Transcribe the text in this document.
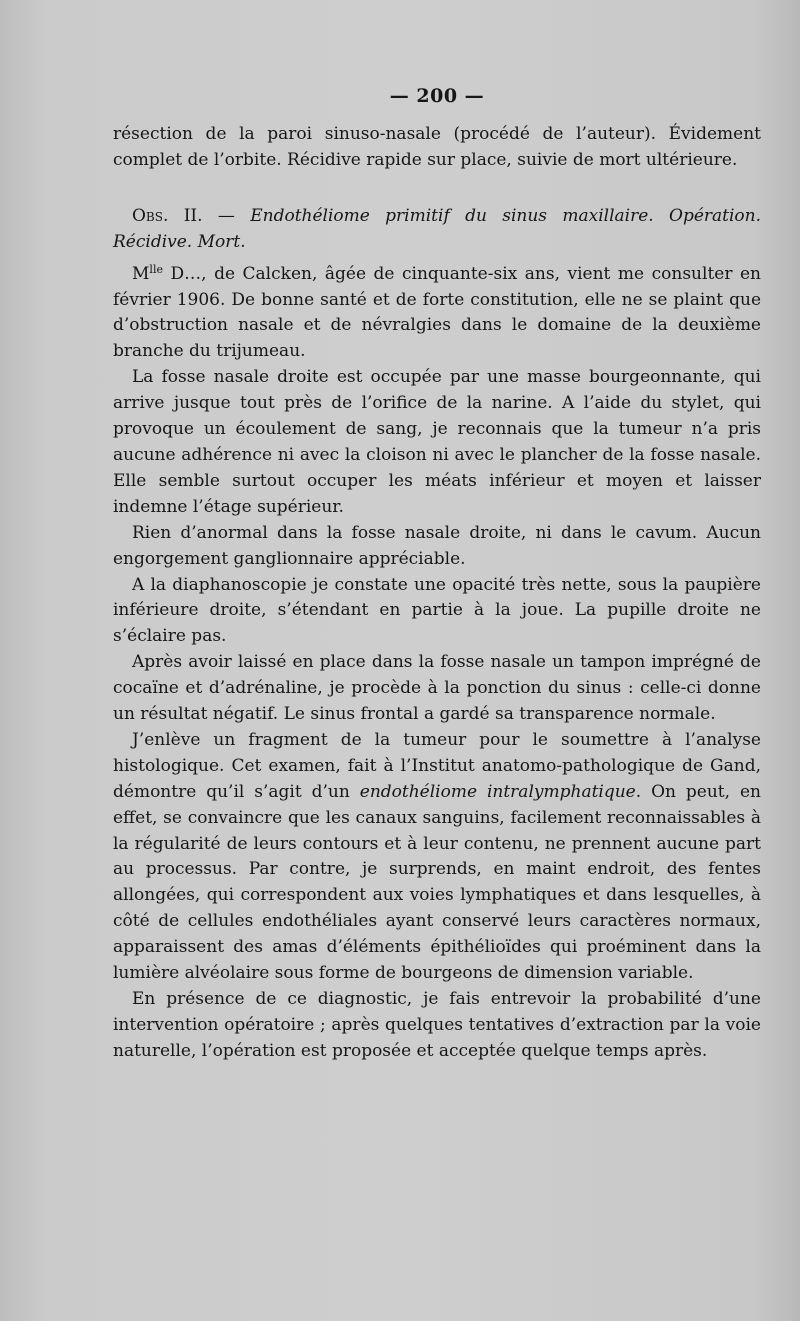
— 200 —

résection de la paroi sinuso-nasale (procédé de l’auteur). Évidement complet de l’orbite. Récidive rapide sur place, suivie de mort ultérieure.

Obs. II. — Endothéliome primitif du sinus maxillaire. Opération. Récidive. Mort.

$M^{lle}$ D…, de Calcken, âgée de cinquante-six ans, vient me consulter en février 1906. De bonne santé et de forte constitution, elle ne se plaint que d’obstruction nasale et de névralgies dans le domaine de la deuxième branche du trijumeau.

La fosse nasale droite est occupée par une masse bourgeonnante, qui arrive jusque tout près de l’orifice de la narine. A l’aide du stylet, qui provoque un écoulement de sang, je reconnais que la tumeur n’a pris aucune adhérence ni avec la cloison ni avec le plancher de la fosse nasale. Elle semble surtout occuper les méats inférieur et moyen et laisser indemne l’étage supérieur.

Rien d’anormal dans la fosse nasale droite, ni dans le cavum. Aucun engorgement ganglionnaire appréciable.

A la diaphanoscopie je constate une opacité très nette, sous la paupière inférieure droite, s’étendant en partie à la joue. La pupille droite ne s’éclaire pas.

Après avoir laissé en place dans la fosse nasale un tampon imprégné de cocaïne et d’adrénaline, je procède à la ponction du sinus : celle-ci donne un résultat négatif. Le sinus frontal a gardé sa transparence normale.

J’enlève un fragment de la tumeur pour le soumettre à l’analyse histologique. Cet examen, fait à l’Institut anatomo-pathologique de Gand, démontre qu’il s’agit d’un endothéliome intralymphatique. On peut, en effet, se convaincre que les canaux sanguins, facilement reconnaissables à la régularité de leurs contours et à leur contenu, ne prennent aucune part au processus. Par contre, je surprends, en maint endroit, des fentes allongées, qui correspondent aux voies lymphatiques et dans lesquelles, à côté de cellules endothéliales ayant conservé leurs caractères normaux, apparaissent des amas d’éléments épithélioïdes qui proéminent dans la lumière alvéolaire sous forme de bourgeons de dimension variable.

En présence de ce diagnostic, je fais entrevoir la probabilité d’une intervention opératoire ; après quelques tentatives d’extraction par la voie naturelle, l’opération est proposée et acceptée quelque temps après.
